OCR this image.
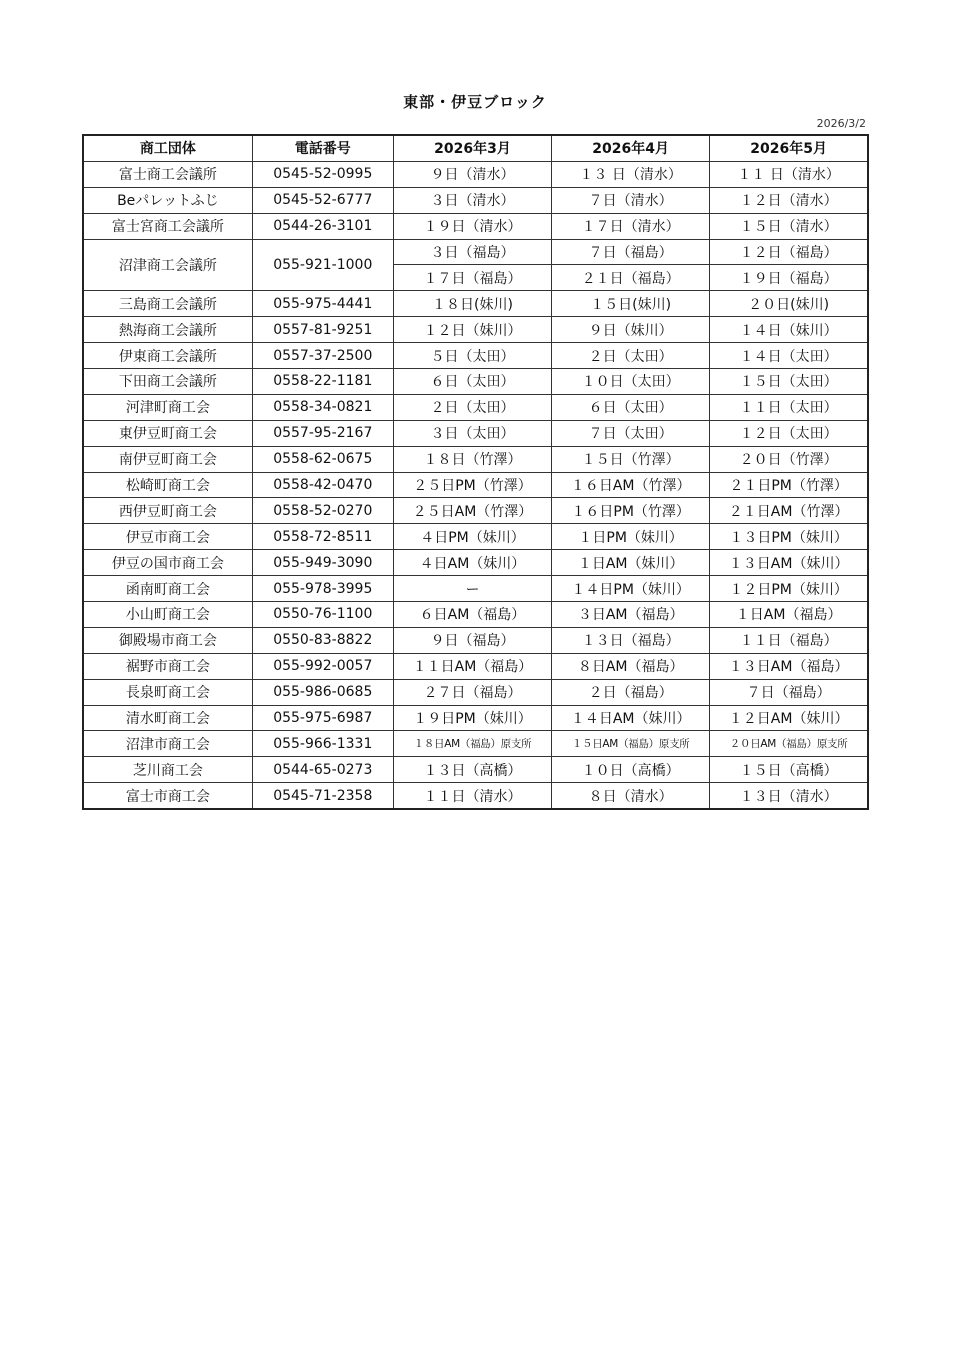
東部・伊豆ブロック
2026/3/2
商工団体	電話番号	2026年3月	2026年4月	2026年5月
富士商工会議所	0545-52-0995	９日（清水）	１３ 日（清水）	１１ 日（清水）
Beパレットふじ	0545-52-6777	３日（清水）	７日（清水）	１２日（清水）
富士宮商工会議所	0544-26-3101	１９日（清水）	１７日（清水）	１５日（清水）
沼津商工会議所	055-921-1000	３日（福島）	７日（福島）	１２日（福島）
		１７日（福島）	２１日（福島）	１９日（福島）
三島商工会議所	055-975-4441	１８日(妹川)	１５日(妹川)	２０日(妹川)
熱海商工会議所	0557-81-9251	１２日（妹川）	９日（妹川）	１４日（妹川）
伊東商工会議所	0557-37-2500	５日（太田）	２日（太田）	１４日（太田）
下田商工会議所	0558-22-1181	６日（太田）	１０日（太田）	１５日（太田）
河津町商工会	0558-34-0821	２日（太田）	６日（太田）	１１日（太田）
東伊豆町商工会	0557-95-2167	３日（太田）	７日（太田）	１２日（太田）
南伊豆町商工会	0558-62-0675	１８日（竹澤）	１５日（竹澤）	２０日（竹澤）
松崎町商工会	0558-42-0470	２５日PM（竹澤）	１６日AM（竹澤）	２１日PM（竹澤）
西伊豆町商工会	0558-52-0270	２５日AM（竹澤）	１６日PM（竹澤）	２１日AM（竹澤）
伊豆市商工会	0558-72-8511	４日PM（妹川）	１日PM（妹川）	１３日PM（妹川）
伊豆の国市商工会	055-949-3090	４日AM（妹川）	１日AM（妹川）	１３日AM（妹川）
函南町商工会	055-978-3995	ー	１４日PM（妹川）	１２日PM（妹川）
小山町商工会	0550-76-1100	６日AM（福島）	３日AM（福島）	１日AM（福島）
御殿場市商工会	0550-83-8822	９日（福島）	１３日（福島）	１１日（福島）
裾野市商工会	055-992-0057	１１日AM（福島）	８日AM（福島）	１３日AM（福島）
長泉町商工会	055-986-0685	２７日（福島）	２日（福島）	７日（福島）
清水町商工会	055-975-6987	１９日PM（妹川）	１４日AM（妹川）	１２日AM（妹川）
沼津市商工会	055-966-1331	１８日AM（福島）原支所	１５日AM（福島）原支所	２０日AM（福島）原支所
芝川商工会	0544-65-0273	１３日（高橋）	１０日（高橋）	１５日（高橋）
富士市商工会	0545-71-2358	１１日（清水）	８日（清水）	１３日（清水）
